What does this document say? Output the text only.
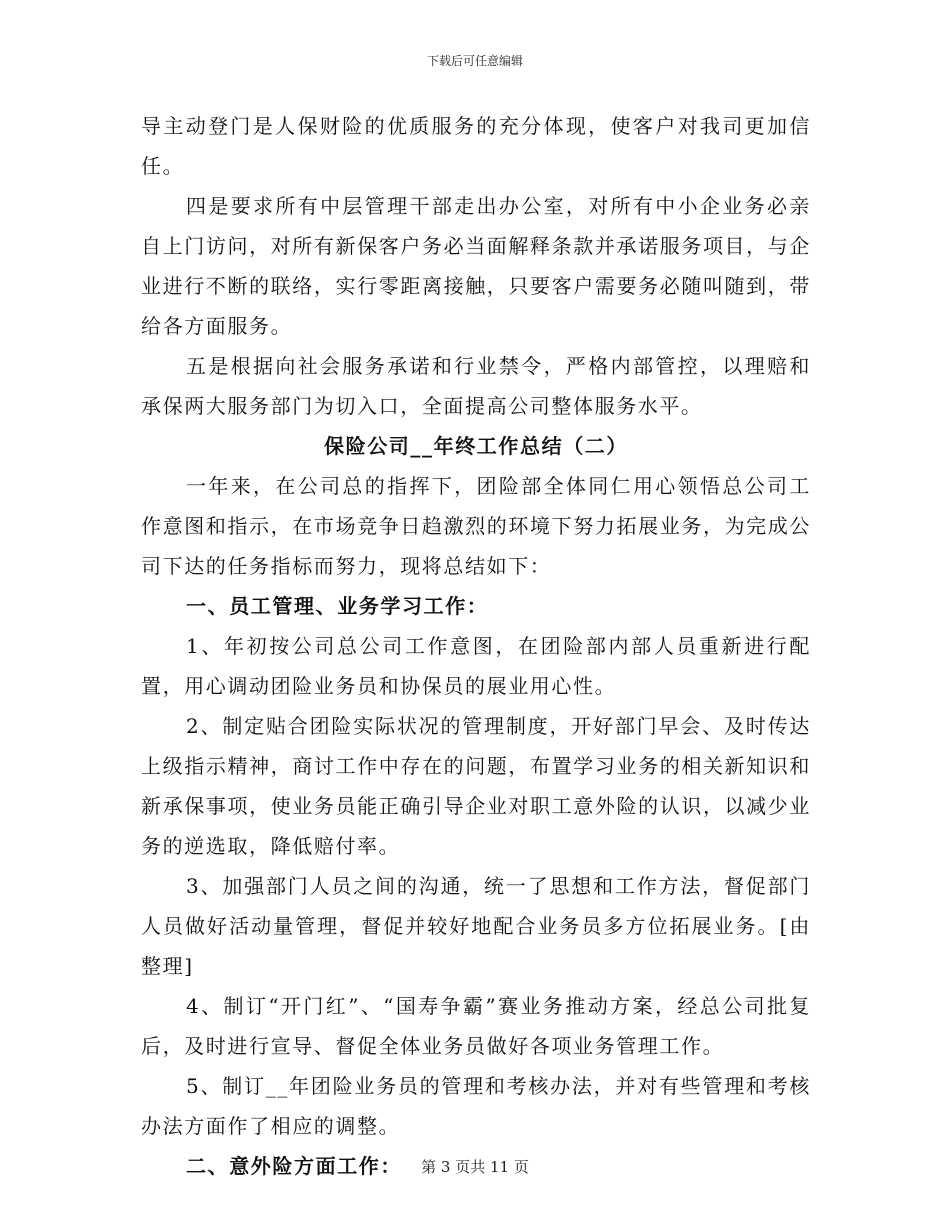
下载后可任意编辑

导主动登门是人保财险的优质服务的充分体现，使客户对我司更加信任。

四是要求所有中层管理干部走出办公室，对所有中小企业务必亲自上门访问，对所有新保客户务必当面解释条款并承诺服务项目，与企业进行不断的联络，实行零距离接触，只要客户需要务必随叫随到，带给各方面服务。

五是根据向社会服务承诺和行业禁令，严格内部管控，以理赔和承保两大服务部门为切入口，全面提高公司整体服务水平。

保险公司__年终工作总结（二）

一年来，在公司总的指挥下，团险部全体同仁用心领悟总公司工作意图和指示，在市场竞争日趋激烈的环境下努力拓展业务，为完成公司下达的任务指标而努力，现将总结如下：

一、员工管理、业务学习工作：

1、年初按公司总公司工作意图，在团险部内部人员重新进行配置，用心调动团险业务员和协保员的展业用心性。

2、制定贴合团险实际状况的管理制度，开好部门早会、及时传达上级指示精神，商讨工作中存在的问题，布置学习业务的相关新知识和新承保事项，使业务员能正确引导企业对职工意外险的认识，以减少业务的逆选取，降低赔付率。

3、加强部门人员之间的沟通，统一了思想和工作方法，督促部门人员做好活动量管理，督促并较好地配合业务员多方位拓展业务。[由整理]

4、制订“开门红”、“国寿争霸”赛业务推动方案，经总公司批复后，及时进行宣导、督促全体业务员做好各项业务管理工作。

5、制订__年团险业务员的管理和考核办法，并对有些管理和考核办法方面作了相应的调整。

二、意外险方面工作：	第 3 页共 11 页
